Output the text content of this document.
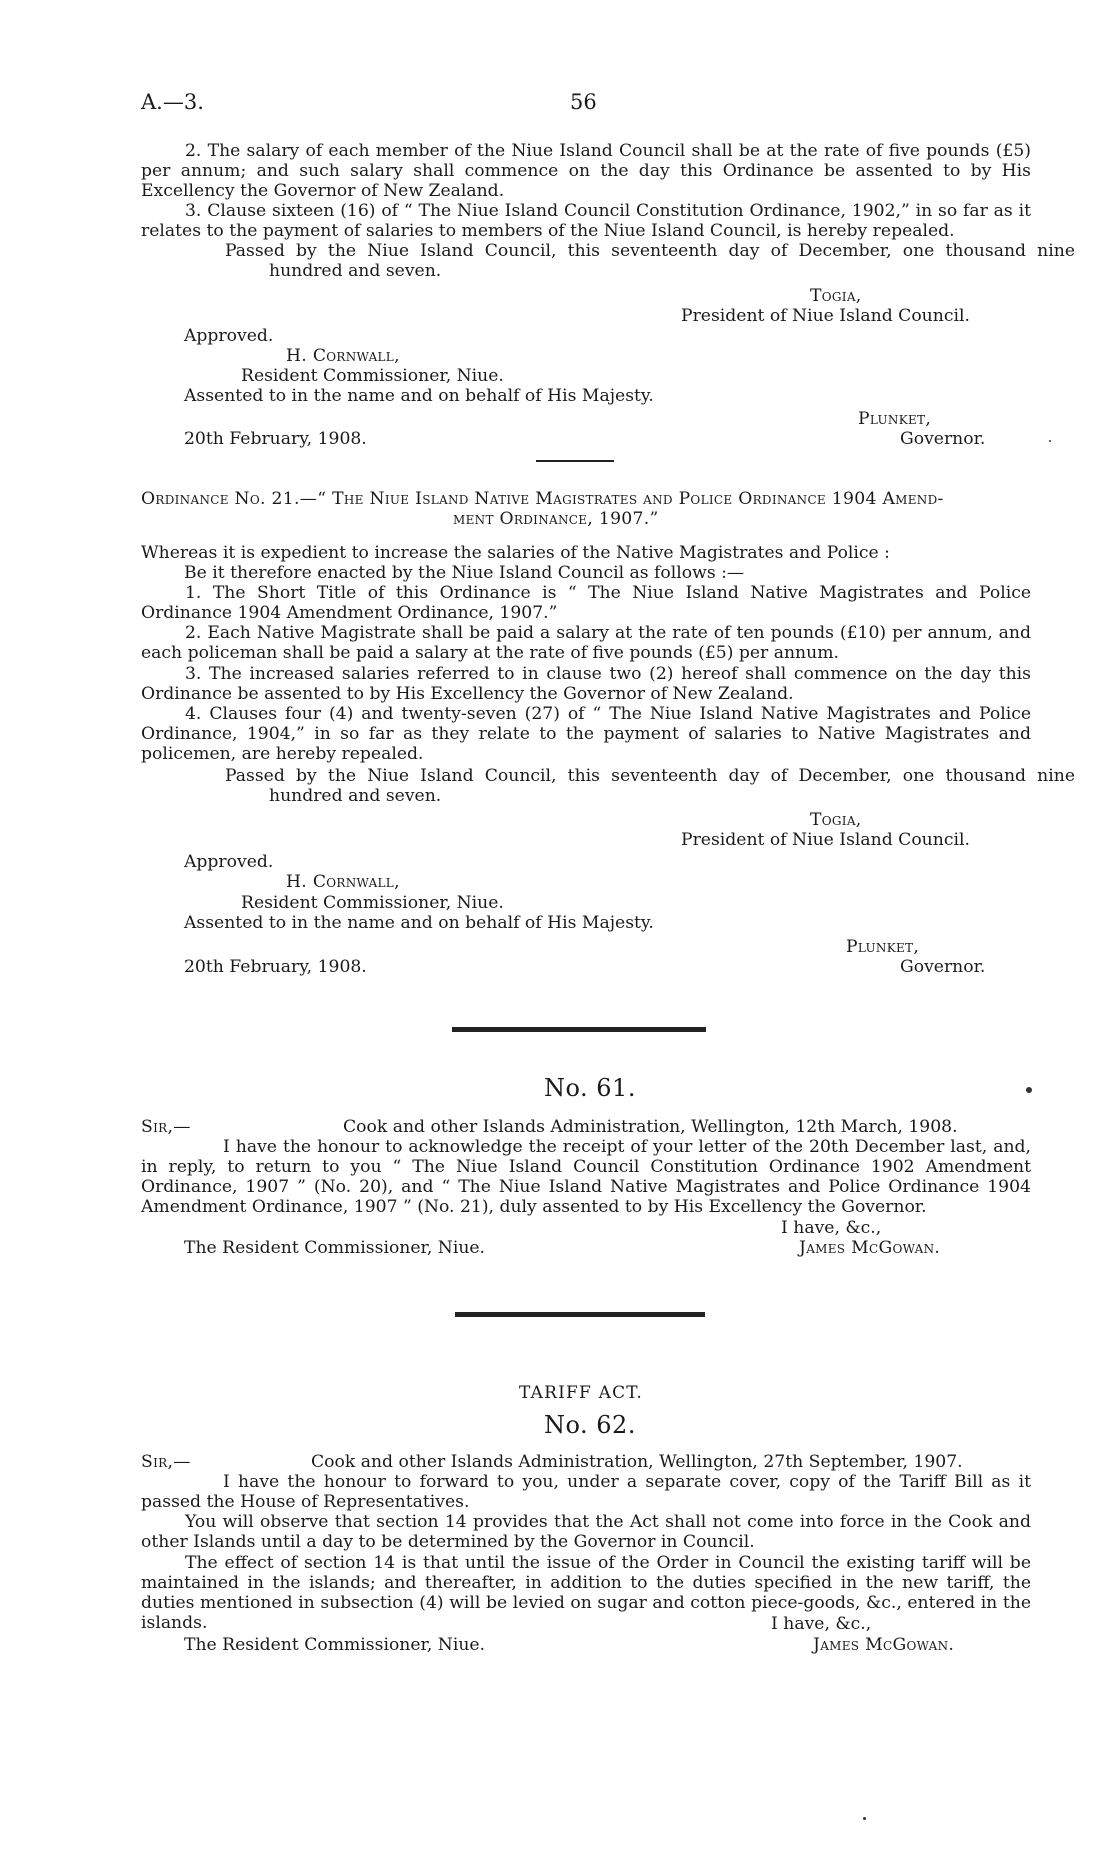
A.—3.	56
2. The salary of each member of the Niue Island Council shall be at the rate of five pounds (£5) per annum; and such salary shall commence on the day this Ordinance be assented to by His Excellency the Governor of New Zealand.
3. Clause sixteen (16) of “ The Niue Island Council Constitution Ordinance, 1902,” in so far as it relates to the payment of salaries to members of the Niue Island Council, is hereby repealed.
Passed by the Niue Island Council, this seventeenth day of December, one thousand nine hundred and seven.
Togia,
President of Niue Island Council.
Approved.
H. Cornwall,
Resident Commissioner, Niue.
Assented to in the name and on behalf of His Majesty.
Plunket,
20th February, 1908.	Governor.
Ordinance No. 21.—“ The Niue Island Native Magistrates and Police Ordinance 1904 Amend-
ment Ordinance, 1907.”
Whereas it is expedient to increase the salaries of the Native Magistrates and Police :
Be it therefore enacted by the Niue Island Council as follows :—
1. The Short Title of this Ordinance is “ The Niue Island Native Magistrates and Police Ordinance 1904 Amendment Ordinance, 1907.”
2. Each Native Magistrate shall be paid a salary at the rate of ten pounds (£10) per annum, and each policeman shall be paid a salary at the rate of five pounds (£5) per annum.
3. The increased salaries referred to in clause two (2) hereof shall commence on the day this Ordinance be assented to by His Excellency the Governor of New Zealand.
4. Clauses four (4) and twenty-seven (27) of “ The Niue Island Native Magistrates and Police Ordinance, 1904,” in so far as they relate to the payment of salaries to Native Magistrates and policemen, are hereby repealed.
Passed by the Niue Island Council, this seventeenth day of December, one thousand nine hundred and seven.
Togia,
President of Niue Island Council.
Approved.
H. Cornwall,
Resident Commissioner, Niue.
Assented to in the name and on behalf of His Majesty.
Plunket,
20th February, 1908.	Governor.
No. 61.
Sir,—	Cook and other Islands Administration, Wellington, 12th March, 1908.
I have the honour to acknowledge the receipt of your letter of the 20th December last, and, in reply, to return to you “ The Niue Island Council Constitution Ordinance 1902 Amendment Ordinance, 1907 ” (No. 20), and “ The Niue Island Native Magistrates and Police Ordinance 1904 Amendment Ordinance, 1907 ” (No. 21), duly assented to by His Excellency the Governor.
I have, &c.,
The Resident Commissioner, Niue.	James McGowan.
TARIFF ACT.
No. 62.
Sir,—	Cook and other Islands Administration, Wellington, 27th September, 1907.
I have the honour to forward to you, under a separate cover, copy of the Tariff Bill as it passed the House of Representatives.
You will observe that section 14 provides that the Act shall not come into force in the Cook and other Islands until a day to be determined by the Governor in Council.
The effect of section 14 is that until the issue of the Order in Council the existing tariff will be maintained in the islands; and thereafter, in addition to the duties specified in the new tariff, the duties mentioned in subsection (4) will be levied on sugar and cotton piece-goods, &c., entered in the islands.	I have, &c.,
The Resident Commissioner, Niue.	James McGowan.
